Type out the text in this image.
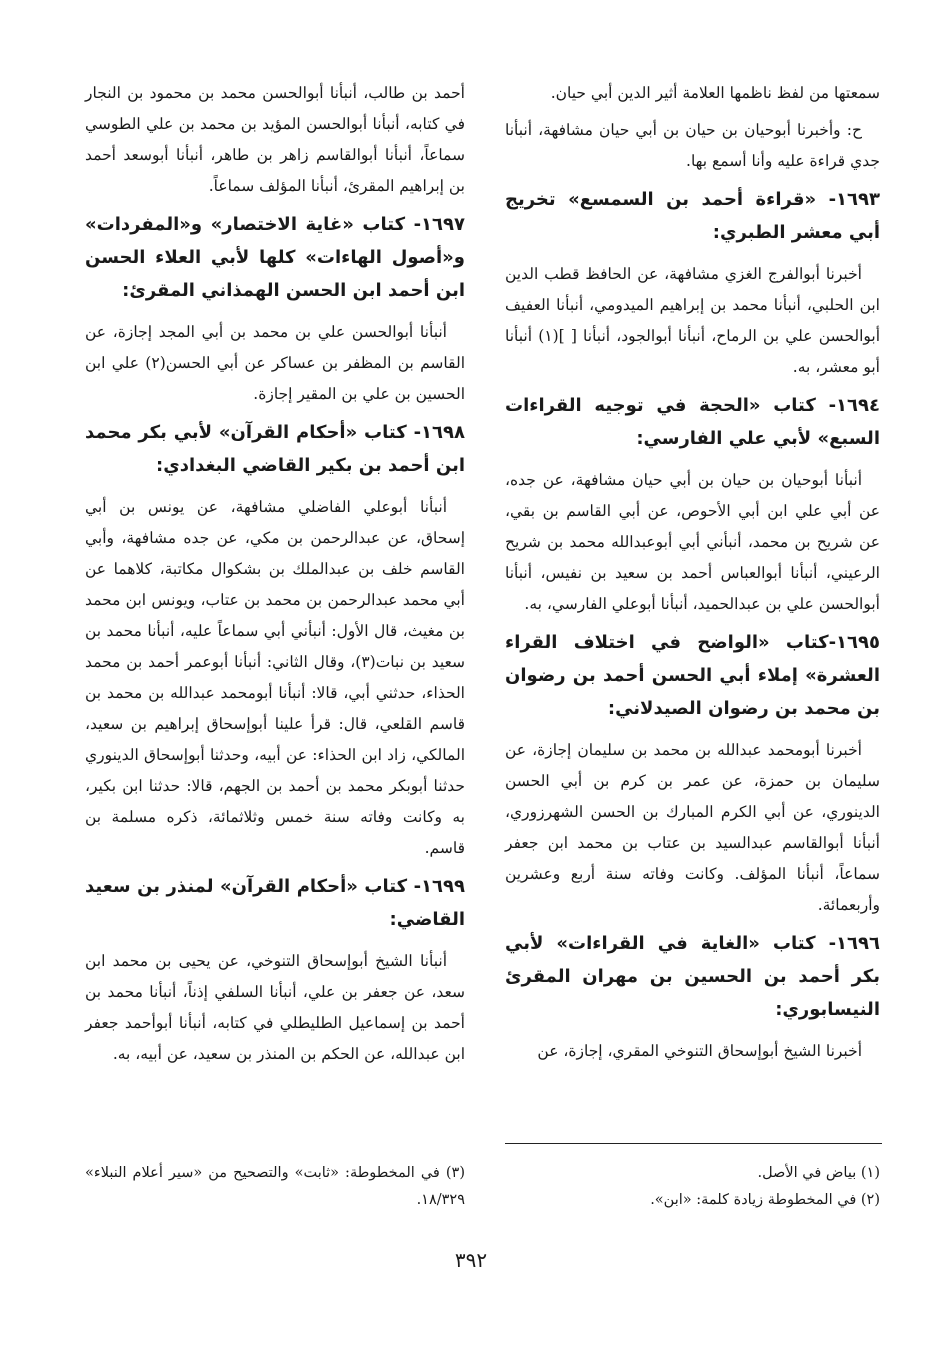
سمعتها من لفظ ناظمها العلامة أثير الدين أبي حيان.

ح: وأخبرنا أبوحيان بن حيان بن أبي حيان مشافهة، أنبأنا جدي قراءة عليه وأنا أسمع بها.

١٦٩٣- «قراءة أحمد بن السمسع» تخريج أبي معشر الطبري:

أخبرنا أبوالفرج الغزي مشافهة، عن الحافظ قطب الدين ابن الحلبي، أنبأنا محمد بن إبراهيم الميدومي، أنبأنا العفيف أبوالحسن علي بن الرماح، أنبأنا أبوالجود، أنبأنا [ ](١) أنبأنا أبو معشر، به.

١٦٩٤- كتاب «الحجة في توجيه القراءات السبع» لأبي علي الفارسي:

أنبأنا أبوحيان بن حيان بن أبي حيان مشافهة، عن جده، عن أبي علي ابن أبي الأحوص، عن أبي القاسم بن بقي، عن شريح بن محمد، أنبأني أبي أبوعبدالله محمد بن شريح الرعيني، أنبأنا أبوالعباس أحمد بن سعيد بن نفيس، أنبأنا أبوالحسن علي بن عبدالحميد، أنبأنا أبوعلي الفارسي، به.

١٦٩٥-كتاب «الواضح في اختلاف القراء العشرة» إملاء أبي الحسن أحمد بن رضوان بن محمد بن رضوان الصيدلاني:

أخبرنا أبومحمد عبدالله بن محمد بن سليمان إجازة، عن سليمان بن حمزة، عن عمر بن كرم بن أبي الحسن الدينوري، عن أبي الكرم المبارك بن الحسن الشهرزوري، أنبأنا أبوالقاسم عبدالسيد بن عتاب بن محمد ابن جعفر سماعاً، أنبأنا المؤلف. وكانت وفاته سنة أربع وعشرين وأربعمائة.

١٦٩٦- كتاب «الغاية في القراءات» لأبي بكر أحمد بن الحسين بن مهران المقرئ النيسابوري:

أخبرنا الشيخ أبوإسحاق التنوخي المقري، إجازة، عن

أحمد بن طالب، أنبأنا أبوالحسن محمد بن محمود بن النجار في كتابه، أنبأنا أبوالحسن المؤيد بن محمد بن علي الطوسي سماعاً، أنبأنا أبوالقاسم زاهر بن طاهر، أنبأنا أبوسعد أحمد بن إبراهيم المقرئ، أنبأنا المؤلف سماعاً.

١٦٩٧- كتاب «غاية الاختصار» و«المفردات» و«أصول الهاءات» كلها لأبي العلاء الحسن ابن أحمد ابن الحسن الهمذاني المقرئ:

أنبأنا أبوالحسن علي بن محمد بن أبي المجد إجازة، عن القاسم بن المظفر بن عساكر عن أبي الحسن(٢) علي ابن الحسين بن علي بن المقير إجازة.

١٦٩٨- كتاب «أحكام القرآن» لأبي بكر محمد ابن أحمد بن بكير القاضي البغدادي:

أنبأنا أبوعلي الفاضلي مشافهة، عن يونس بن أبي إسحاق، عن عبدالرحمن بن مكي، عن جده مشافهة، وأبي القاسم خلف بن عبدالملك بن بشكوال مكاتبة، كلاهما عن أبي محمد عبدالرحمن بن محمد بن عتاب، ويونس ابن محمد بن مغيث، قال الأول: أنبأني أبي سماعاً عليه، أنبأنا محمد بن سعيد بن نبات(٣)، وقال الثاني: أنبأنا أبوعمر أحمد بن محمد الحذاء، حدثني أبي، قالا: أنبأنا أبومحمد عبدالله بن محمد بن قاسم القلعي، قال: قرأ علينا أبوإسحاق إبراهيم بن سعيد، المالكي، زاد ابن الحذاء: عن أبيه، وحدثنا أبوإسحاق الدينوري حدثنا أبوبكر محمد بن أحمد بن الجهم، قالا: حدثنا ابن بكير، به وكانت وفاته سنة خمس وثلاثمائة، ذكره مسلمة بن قاسم.

١٦٩٩- كتاب «أحكام القرآن» لمنذر بن سعيد القاضي:

أنبأنا الشيخ أبوإسحاق التنوخي، عن يحيى بن محمد ابن سعد، عن جعفر بن علي، أنبأنا السلفي إذناً، أنبأنا محمد بن أحمد بن إسماعيل الطليطلي في كتابه، أنبأنا أبوأحمد جعفر ابن عبدالله، عن الحكم بن المنذر بن سعيد، عن أبيه، به.

(١) بياض في الأصل.
(٢) في المخطوطة زيادة كلمة: «ابن».
(٣) في المخطوطة: «ثابت» والتصحيح من «سير أعلام النبلاء» ١٨/٣٢٩.
٣٩٢
